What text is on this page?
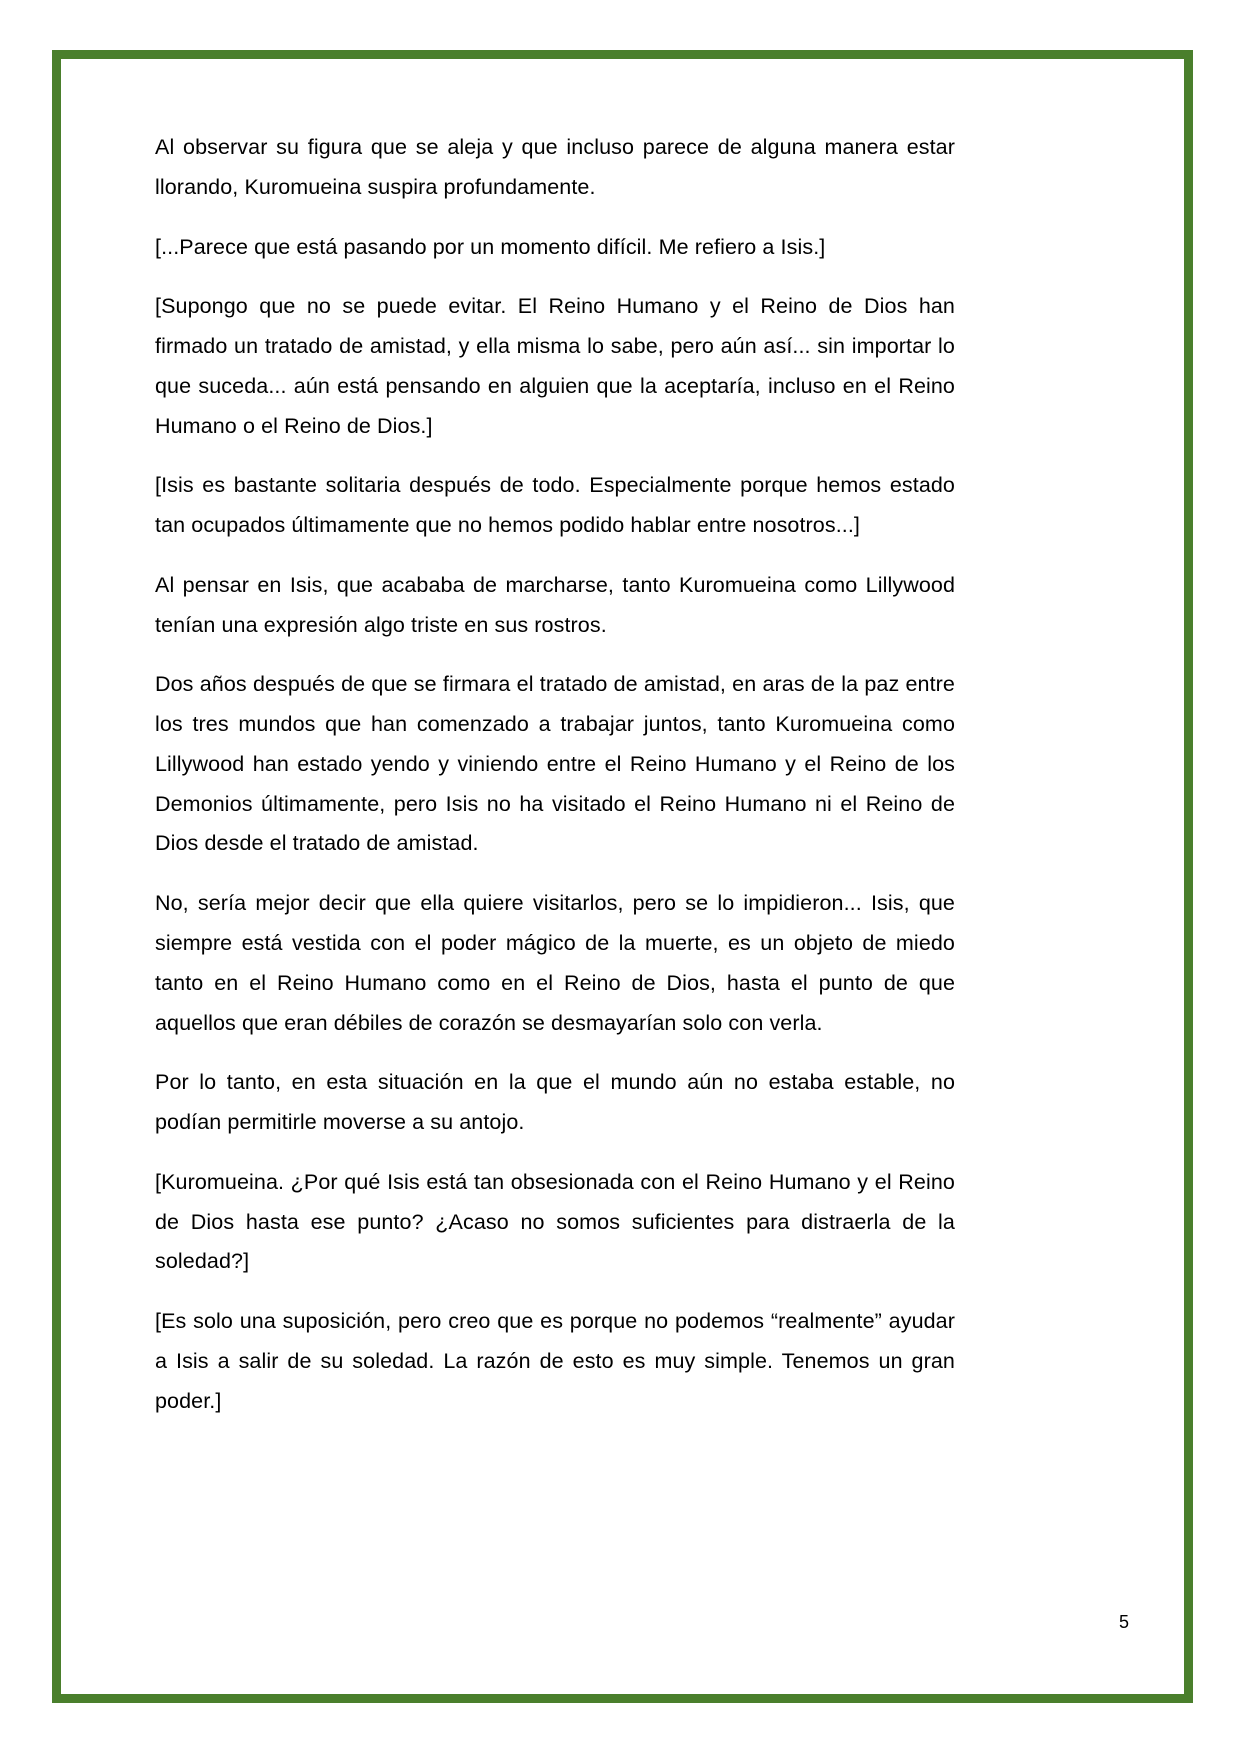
Al observar su figura que se aleja y que incluso parece de alguna manera estar llorando, Kuromueina suspira profundamente.

[...Parece que está pasando por un momento difícil. Me refiero a Isis.]

[Supongo que no se puede evitar. El Reino Humano y el Reino de Dios han firmado un tratado de amistad, y ella misma lo sabe, pero aún así... sin importar lo que suceda... aún está pensando en alguien que la aceptaría, incluso en el Reino Humano o el Reino de Dios.]

[Isis es bastante solitaria después de todo. Especialmente porque hemos estado tan ocupados últimamente que no hemos podido hablar entre nosotros...]

Al pensar en Isis, que acababa de marcharse, tanto Kuromueina como Lillywood tenían una expresión algo triste en sus rostros.

Dos años después de que se firmara el tratado de amistad, en aras de la paz entre los tres mundos que han comenzado a trabajar juntos, tanto Kuromueina como Lillywood han estado yendo y viniendo entre el Reino Humano y el Reino de los Demonios últimamente, pero Isis no ha visitado el Reino Humano ni el Reino de Dios desde el tratado de amistad.

No, sería mejor decir que ella quiere visitarlos, pero se lo impidieron... Isis, que siempre está vestida con el poder mágico de la muerte, es un objeto de miedo tanto en el Reino Humano como en el Reino de Dios, hasta el punto de que aquellos que eran débiles de corazón se desmayarían solo con verla.

Por lo tanto, en esta situación en la que el mundo aún no estaba estable, no podían permitirle moverse a su antojo.

[Kuromueina. ¿Por qué Isis está tan obsesionada con el Reino Humano y el Reino de Dios hasta ese punto? ¿Acaso no somos suficientes para distraerla de la soledad?]

[Es solo una suposición, pero creo que es porque no podemos “realmente” ayudar a Isis a salir de su soledad. La razón de esto es muy simple. Tenemos un gran poder.]

5
